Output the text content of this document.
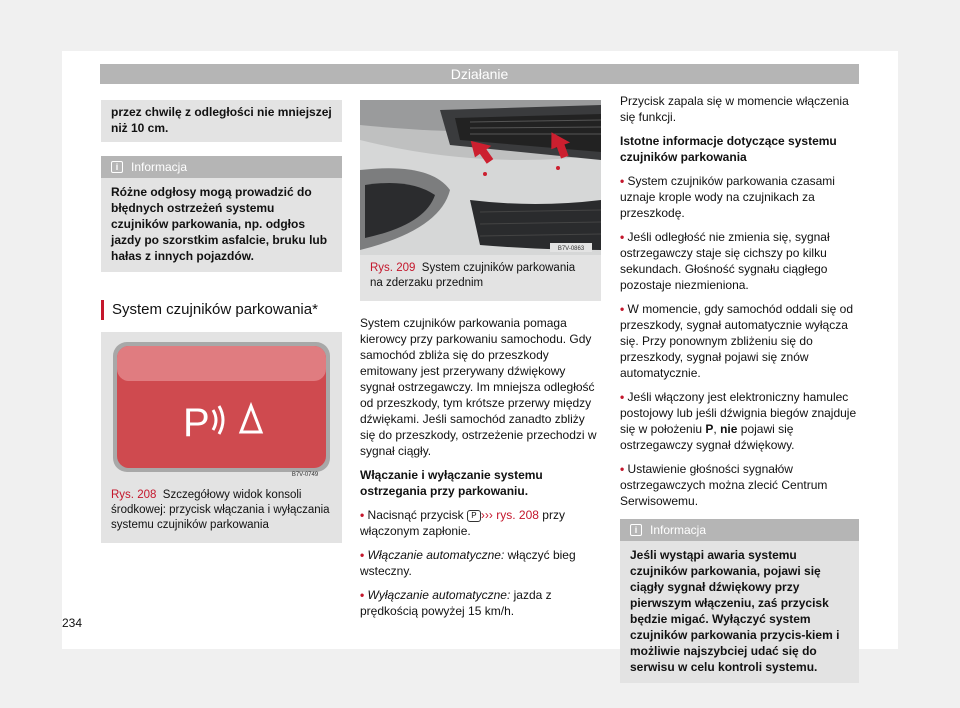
Działanie
przez chwilę z odległości nie mniejszej niż 10 cm.
i	Informacja
Różne odgłosy mogą prowadzić do błędnych ostrzeżeń systemu czujników parkowania, np. odgłos jazdy po szorstkim asfalcie, bruku lub hałas z innych pojazdów.
System czujników parkowania*
P
B7V-0749
Rys. 208 Szczegółowy widok konsoli środkowej: przycisk włączania i wyłączania systemu czujników parkowania
B7V-0863
Rys. 209 System czujników parkowania na zderzaku przednim

System czujników parkowania pomaga kierowcy przy parkowaniu samochodu. Gdy samochód zbliża się do przeszkody emitowany jest przerywany dźwiękowy sygnał ostrzegawczy. Im mniejsza odległość od przeszkody, tym krótsze przerwy między dźwiękami. Jeśli samochód zanadto zbliży się do przeszkody, ostrzeżenie przechodzi w sygnał ciągły.

Włączanie i wyłączanie systemu ostrzegania przy parkowaniu.

• Nacisnąć przycisk P ››› rys. 208 przy włączonym zapłonie.

• Włączanie automatyczne: włączyć bieg wsteczny.

• Wyłączanie automatyczne: jazda z prędkością powyżej 15 km/h.

Przycisk zapala się w momencie włączenia się funkcji.

Istotne informacje dotyczące systemu czujników parkowania

• System czujników parkowania czasami uznaje krople wody na czujnikach za przeszkodę.

• Jeśli odległość nie zmienia się, sygnał ostrzegawczy staje się cichszy po kilku sekundach. Głośność sygnału ciągłego pozostaje niezmieniona.

• W momencie, gdy samochód oddali się od przeszkody, sygnał automatycznie wyłącza się. Przy ponownym zbliżeniu się do przeszkody, sygnał pojawi się znów automatycznie.

• Jeśli włączony jest elektroniczny hamulec postojowy lub jeśli dźwignia biegów znajduje się w położeniu P, nie pojawi się ostrzegawczy sygnał dźwiękowy.

• Ustawienie głośności sygnałów ostrzegawczych można zlecić Centrum Serwisowemu.

i	Informacja
Jeśli wystąpi awaria systemu czujników parkowania, pojawi się ciągły sygnał dźwiękowy przy pierwszym włączeniu, zaś przycisk będzie migać. Wyłączyć system czujników parkowania przycis-kiem i możliwie najszybciej udać się do serwisu w celu kontroli systemu.
234
